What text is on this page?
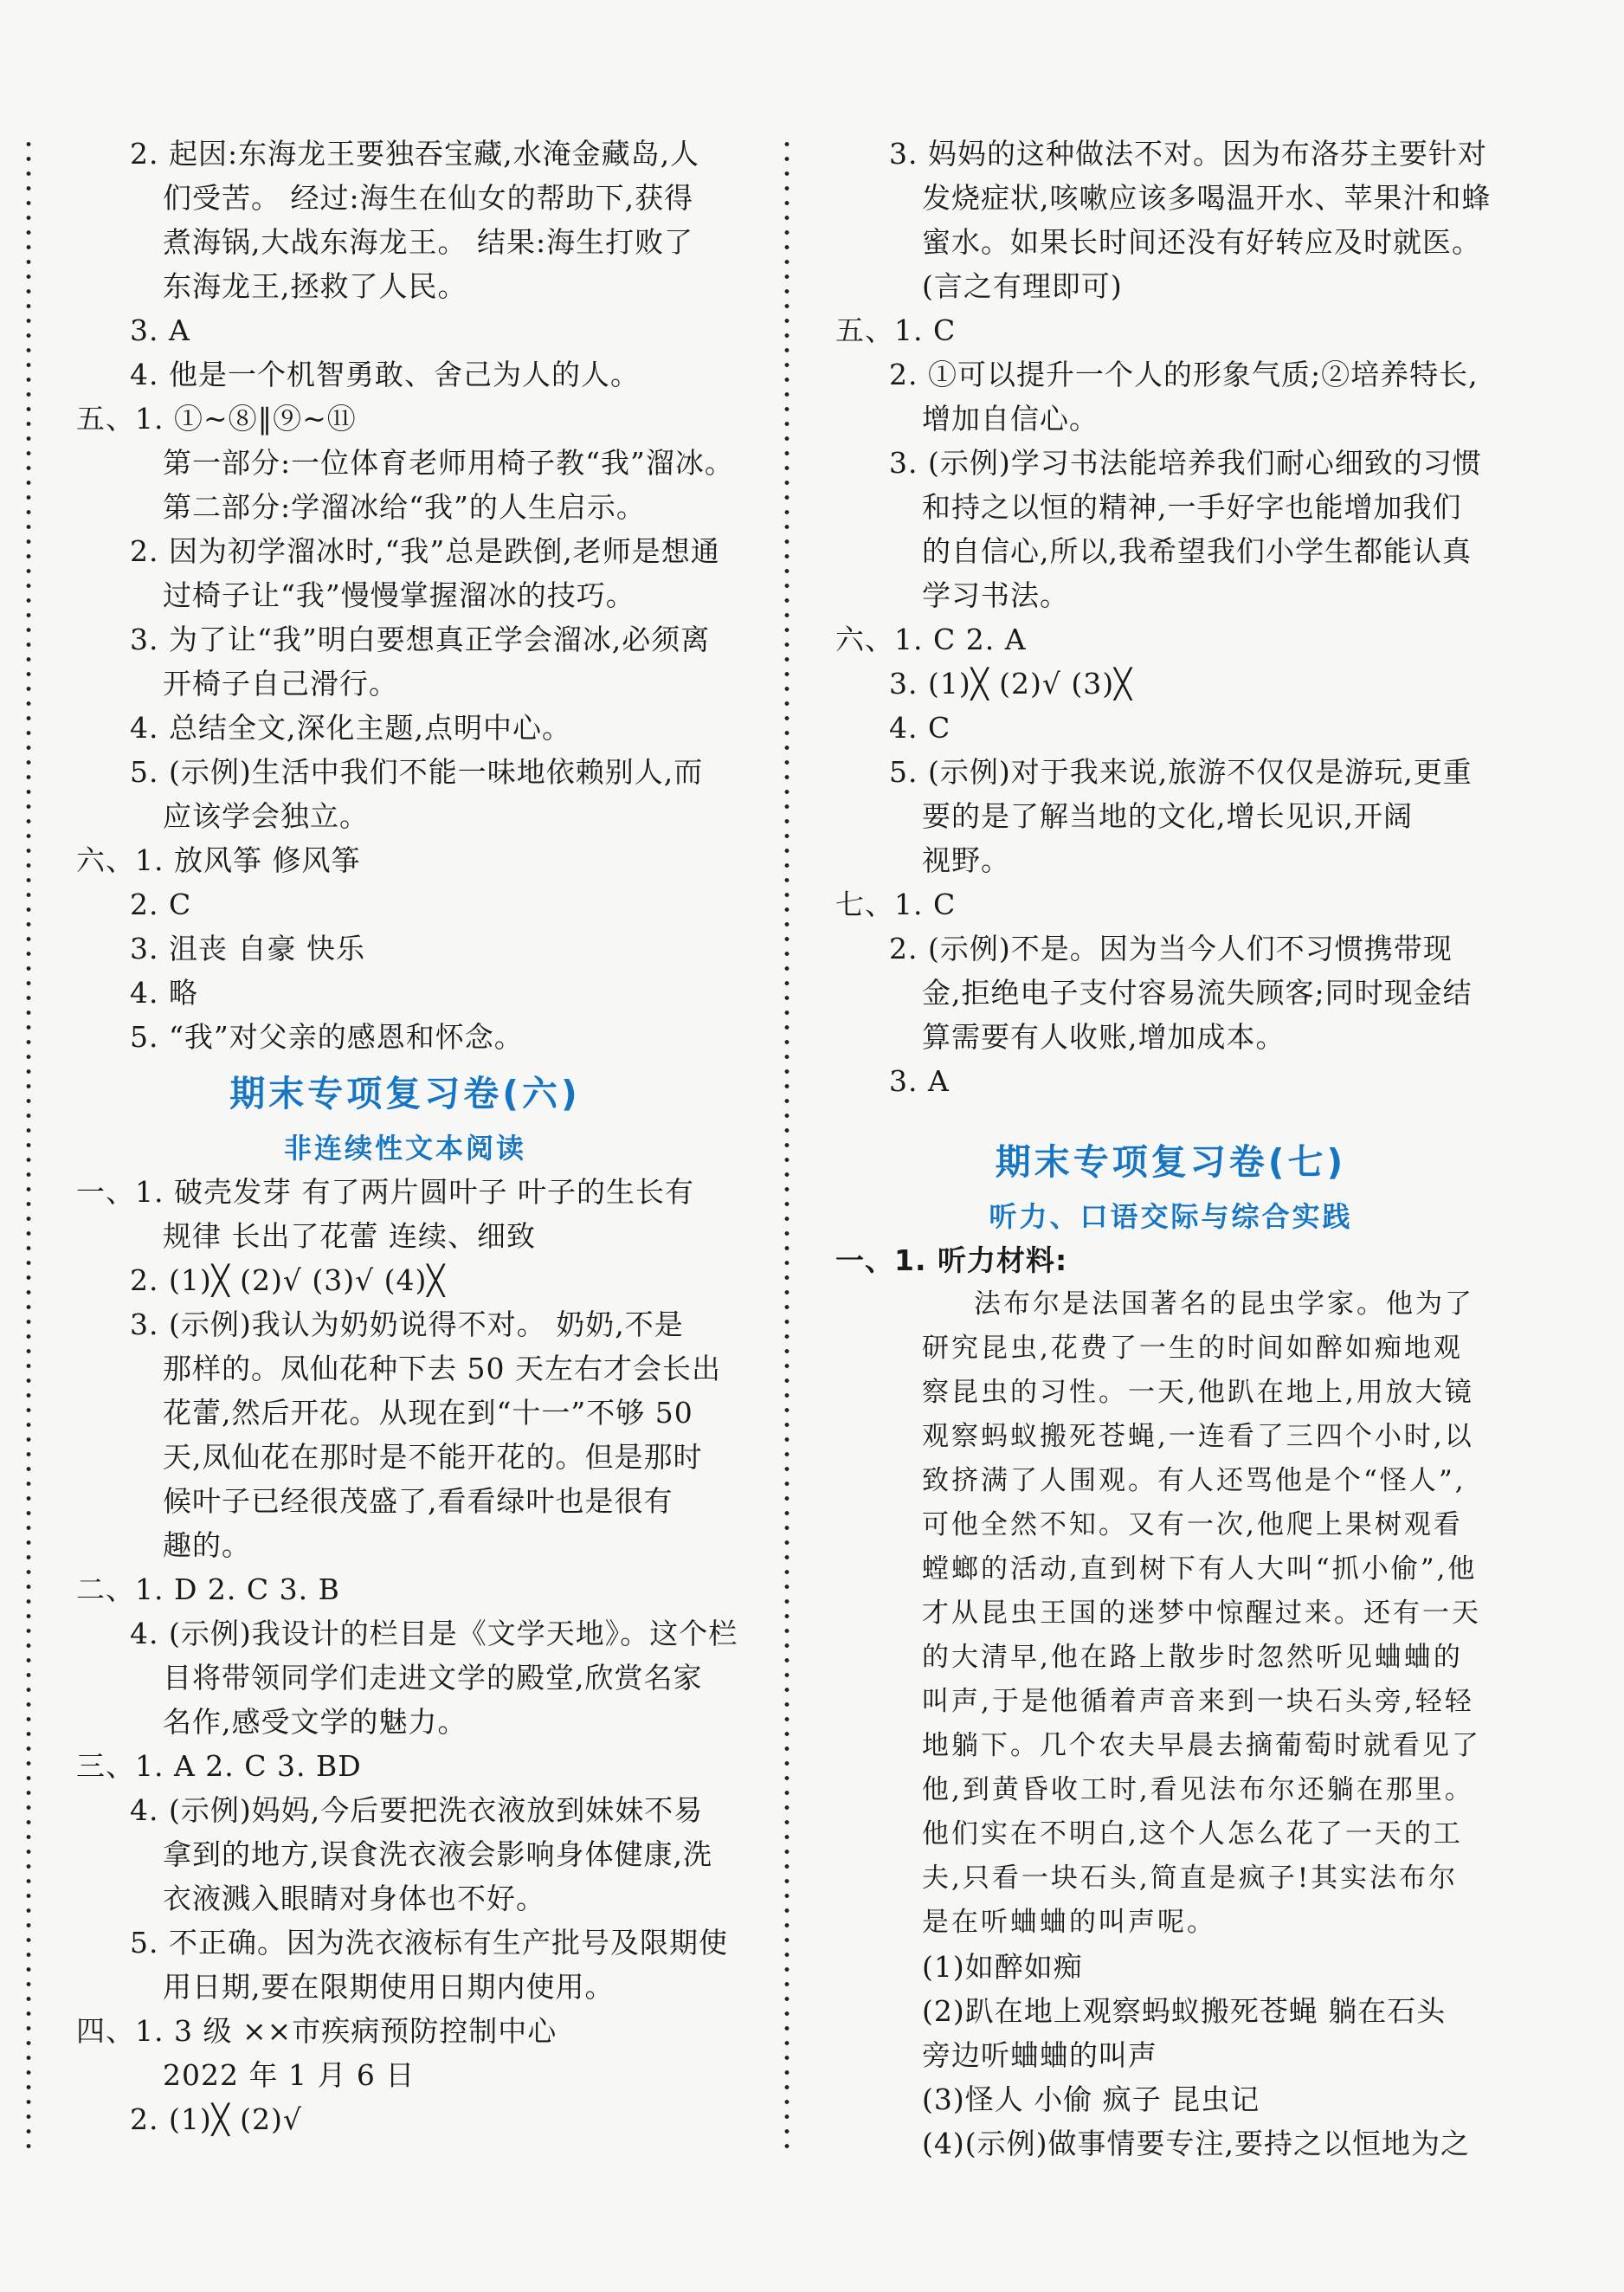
2. 起因:东海龙王要独吞宝藏,水淹金藏岛,人
们受苦。 经过:海生在仙女的帮助下,获得
煮海锅,大战东海龙王。 结果:海生打败了
东海龙王,拯救了人民。
3. A
4. 他是一个机智勇敢、舍己为人的人。
五、1. ①~⑧‖⑨~⑪
第一部分:一位体育老师用椅子教“我”溜冰。
第二部分:学溜冰给“我”的人生启示。
2. 因为初学溜冰时,“我”总是跌倒,老师是想通
过椅子让“我”慢慢掌握溜冰的技巧。
3. 为了让“我”明白要想真正学会溜冰,必须离
开椅子自己滑行。
4. 总结全文,深化主题,点明中心。
5. (示例)生活中我们不能一味地依赖别人,而
应该学会独立。
六、1. 放风筝 修风筝
2. C
3. 沮丧 自豪 快乐
4. 略
5. “我”对父亲的感恩和怀念。
期末专项复习卷(六)
非连续性文本阅读
一、1. 破壳发芽 有了两片圆叶子 叶子的生长有
规律 长出了花蕾 连续、细致
2. (1)╳ (2)√ (3)√ (4)╳
3. (示例)我认为奶奶说得不对。 奶奶,不是
那样的。凤仙花种下去 50 天左右才会长出
花蕾,然后开花。从现在到“十一”不够 50
天,凤仙花在那时是不能开花的。但是那时
候叶子已经很茂盛了,看看绿叶也是很有
趣的。
二、1. D 2. C 3. B
4. (示例)我设计的栏目是《文学天地》。这个栏
目将带领同学们走进文学的殿堂,欣赏名家
名作,感受文学的魅力。
三、1. A 2. C 3. BD
4. (示例)妈妈,今后要把洗衣液放到妹妹不易
拿到的地方,误食洗衣液会影响身体健康,洗
衣液溅入眼睛对身体也不好。
5. 不正确。因为洗衣液标有生产批号及限期使
用日期,要在限期使用日期内使用。
四、1. 3 级 ××市疾病预防控制中心
2022 年 1 月 6 日
2. (1)╳ (2)√
3. 妈妈的这种做法不对。因为布洛芬主要针对
发烧症状,咳嗽应该多喝温开水、苹果汁和蜂
蜜水。如果长时间还没有好转应及时就医。
(言之有理即可)
五、1. C
2. ①可以提升一个人的形象气质;②培养特长,
增加自信心。
3. (示例)学习书法能培养我们耐心细致的习惯
和持之以恒的精神,一手好字也能增加我们
的自信心,所以,我希望我们小学生都能认真
学习书法。
六、1. C 2. A
3. (1)╳ (2)√ (3)╳
4. C
5. (示例)对于我来说,旅游不仅仅是游玩,更重
要的是了解当地的文化,增长见识,开阔
视野。
七、1. C
2. (示例)不是。因为当今人们不习惯携带现
金,拒绝电子支付容易流失顾客;同时现金结
算需要有人收账,增加成本。
3. A
期末专项复习卷(七)
听力、口语交际与综合实践
一、1. 听力材料:
法布尔是法国著名的昆虫学家。他为了
研究昆虫,花费了一生的时间如醉如痴地观
察昆虫的习性。一天,他趴在地上,用放大镜
观察蚂蚁搬死苍蝇,一连看了三四个小时,以
致挤满了人围观。有人还骂他是个“怪人”,
可他全然不知。又有一次,他爬上果树观看
螳螂的活动,直到树下有人大叫“抓小偷”,他
才从昆虫王国的迷梦中惊醒过来。还有一天
的大清早,他在路上散步时忽然听见蛐蛐的
叫声,于是他循着声音来到一块石头旁,轻轻
地躺下。几个农夫早晨去摘葡萄时就看见了
他,到黄昏收工时,看见法布尔还躺在那里。
他们实在不明白,这个人怎么花了一天的工
夫,只看一块石头,简直是疯子!其实法布尔
是在听蛐蛐的叫声呢。
(1)如醉如痴
(2)趴在地上观察蚂蚁搬死苍蝇 躺在石头
旁边听蛐蛐的叫声
(3)怪人 小偷 疯子 昆虫记
(4)(示例)做事情要专注,要持之以恒地为之
